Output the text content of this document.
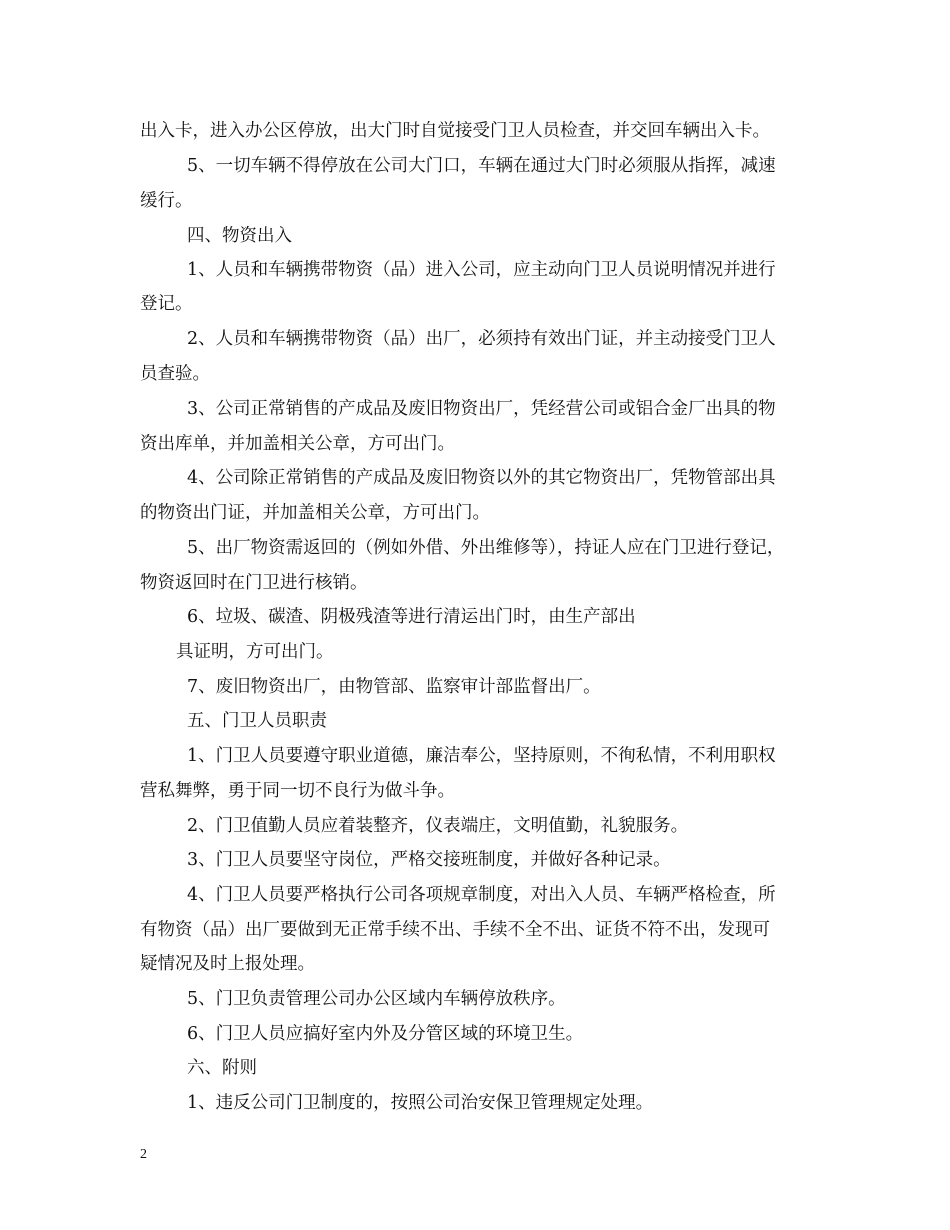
出入卡，进入办公区停放，出大门时自觉接受门卫人员检查，并交回车辆出入卡。
5、一切车辆不得停放在公司大门口，车辆在通过大门时必须服从指挥，减速
缓行。
四、物资出入
1、人员和车辆携带物资（品）进入公司，应主动向门卫人员说明情况并进行
登记。
2、人员和车辆携带物资（品）出厂，必须持有效出门证，并主动接受门卫人
员查验。
3、公司正常销售的产成品及废旧物资出厂，凭经营公司或铝合金厂出具的物
资出库单，并加盖相关公章，方可出门。
4、公司除正常销售的产成品及废旧物资以外的其它物资出厂，凭物管部出具
的物资出门证，并加盖相关公章，方可出门。
5、出厂物资需返回的（例如外借、外出维修等），持证人应在门卫进行登记，
物资返回时在门卫进行核销。
6、垃圾、碳渣、阴极残渣等进行清运出门时，由生产部出
具证明，方可出门。
7、废旧物资出厂，由物管部、监察审计部监督出厂。
五、门卫人员职责
1、门卫人员要遵守职业道德，廉洁奉公，坚持原则，不徇私情，不利用职权
营私舞弊，勇于同一切不良行为做斗争。
2、门卫值勤人员应着装整齐，仪表端庄，文明值勤，礼貌服务。
3、门卫人员要坚守岗位，严格交接班制度，并做好各种记录。
4、门卫人员要严格执行公司各项规章制度，对出入人员、车辆严格检查，所
有物资（品）出厂要做到无正常手续不出、手续不全不出、证货不符不出，发现可
疑情况及时上报处理。
5、门卫负责管理公司办公区域内车辆停放秩序。
6、门卫人员应搞好室内外及分管区域的环境卫生。
六、附则
1、违反公司门卫制度的，按照公司治安保卫管理规定处理。
2
